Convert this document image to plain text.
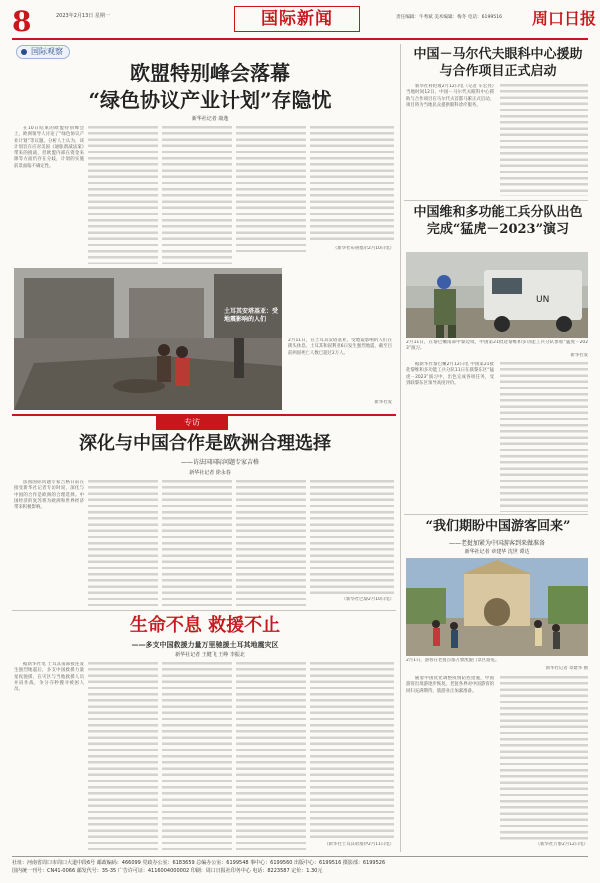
8	2023年2月13日 星期一	国际新闻	责任编辑：牛秀斌 美术编辑：梅冬 电话：6199516 周口日报
国际观察
欧盟特别峰会落幕
“绿色协议产业计划”存隐忧
新华社记者 康逸

在10日结束的欧盟特别峰会上，欧洲领导人讨论了“绿色协议产业计划”等议题。分析人士认为，该计划旨在应对美国《通胀削减法案》带来的挑战，但欧盟内部在资金来源等方面仍存在分歧，计划的实施前景面临不确定性。

（新华社布鲁塞尔2月10日电）
土耳其安塔基亚：受地震影响的人们
2月11日，在土耳其安塔基亚，受地震影响的人们在街头休息。土耳其和叙利亚6日发生强烈地震，截至目前两国死亡人数已超过2万人。
新华社发
专访
深化与中国合作是欧洲合理选择
——访法国国际问题专家吉格
新华社记者 徐永春

法国国际问题专家吉格日前在接受新华社记者专访时说，深化与中国的合作是欧洲的合理选择。中国经济的复苏将为欧洲和世界经济带来积极影响。

（新华社巴黎2月10日电）
生命不息 救援不止
——多支中国救援力量万里驰援土耳其地震灾区
新华社记者 王健飞 王峥 李振北

据新华社电 土耳其南部接连发生强烈地震后，多支中国救援力量星夜驰援，在灾区与当地救援人员并肩作战，争分夺秒搜寻被困人员。

（新华社土耳其哈塔伊2月11日电）
中国－马尔代夫眼科中心援助与合作项目正式启动

新华社科伦坡2月12日电（记者 车宏亮）当地时间12日，中国－马尔代夫眼科中心援助与合作项目在马尔代夫首都马累正式启动。项目将为当地民众提供眼科诊疗服务。

中国维和多功能工兵分队出色完成“猛虎－2023”演习
UN
2月11日，在黎巴嫩南部中黎边境，中国第21批赴黎维和多功能工兵分队参加“猛虎－2023”演习。
新华社发

据新华社黎巴嫩2月12日电 中国第21批赴黎维和多功能工兵分队11日在联黎东区“猛虎－2023”演习中，出色完成各项任务，受到联黎东区领导高度评价。

“我们期盼中国游客回来”
——老挝加紧为中国游客到来做准备
新华社记者 章建华 沈世 谭达
2月1日，游客在老挝首都万象凯旋门景区游览。
新华社记者 章建华 摄

随着中国优化调整疫情防控措施，中国游客出境游逐步恢复。老挝各界对中国游客的回归充满期待，旅游业正加紧准备。

（新华社万象2月12日电）
社址：河南省周口市周口大道中段6号 邮政编码：466099 党政办公室：6183659 总编办公室：6199548 事中心：6199560 出版中心：6199516 摄影部：6199526
国内统一刊号：CN41-0066 邮发代号：35-35 广告许可证：4116004000002 印刷：周口日报社印务中心 电话：8223587 定价：1.30元
